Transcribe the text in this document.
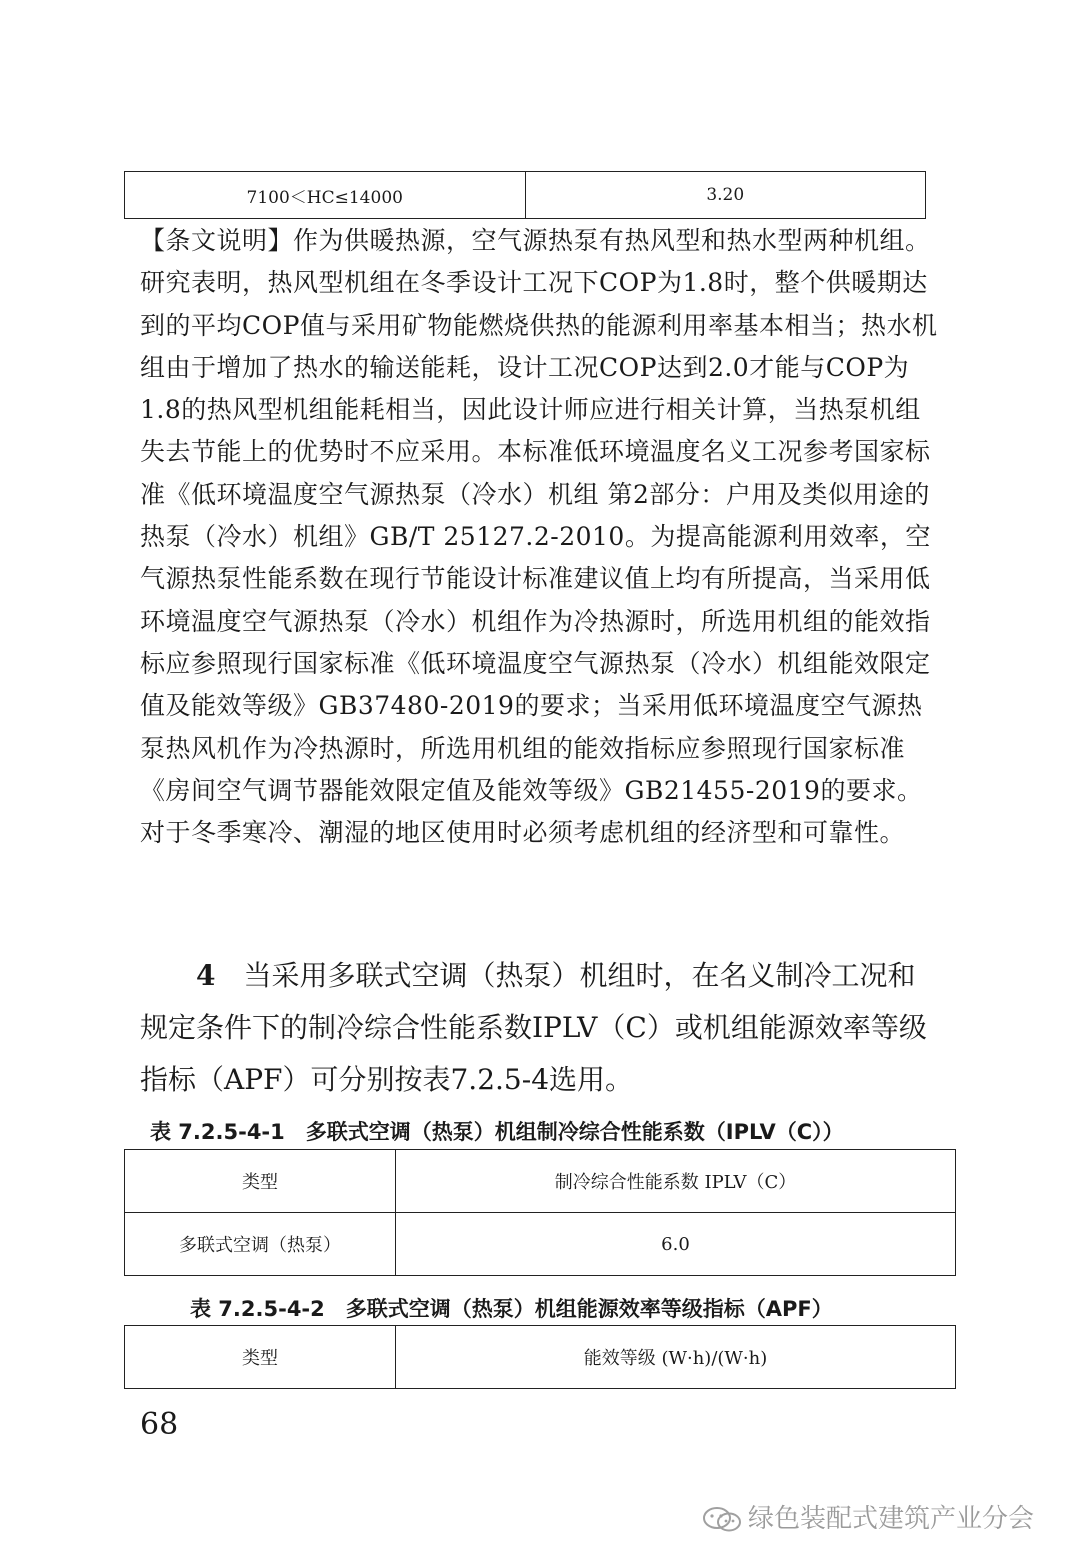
7100＜HC≤14000	3.20
【条文说明】作为供暖热源，空气源热泵有热风型和热水型两种机组。研究表明，热风型机组在冬季设计工况下COP为1.8时，整个供暖期达到的平均COP值与采用矿物能燃烧供热的能源利用率基本相当；热水机组由于增加了热水的输送能耗，设计工况COP达到2.0才能与COP为1.8的热风型机组能耗相当，因此设计师应进行相关计算，当热泵机组失去节能上的优势时不应采用。本标准低环境温度名义工况参考国家标准《低环境温度空气源热泵（冷水）机组 第2部分：户用及类似用途的热泵（冷水）机组》GB/T 25127.2-2010。为提高能源利用效率，空气源热泵性能系数在现行节能设计标准建议值上均有所提高，当采用低环境温度空气源热泵（冷水）机组作为冷热源时，所选用机组的能效指标应参照现行国家标准《低环境温度空气源热泵（冷水）机组能效限定值及能效等级》GB37480-2019的要求；当采用低环境温度空气源热泵热风机作为冷热源时，所选用机组的能效指标应参照现行国家标准《房间空气调节器能效限定值及能效等级》GB21455-2019的要求。对于冬季寒冷、潮湿的地区使用时必须考虑机组的经济型和可靠性。
4　 当采用多联式空调（热泵）机组时，在名义制冷工况和规定条件下的制冷综合性能系数IPLV（C）或机组能源效率等级指标（APF）可分别按表7.2.5-4选用。
表 7.2.5-4-1　多联式空调（热泵）机组制冷综合性能系数（IPLV（C））
类型	制冷综合性能系数 IPLV（C）
多联式空调（热泵）	6.0
表 7.2.5-4-2　多联式空调（热泵）机组能源效率等级指标（APF）
类型	能效等级 (W·h)/(W·h)
68
绿色装配式建筑产业分会
